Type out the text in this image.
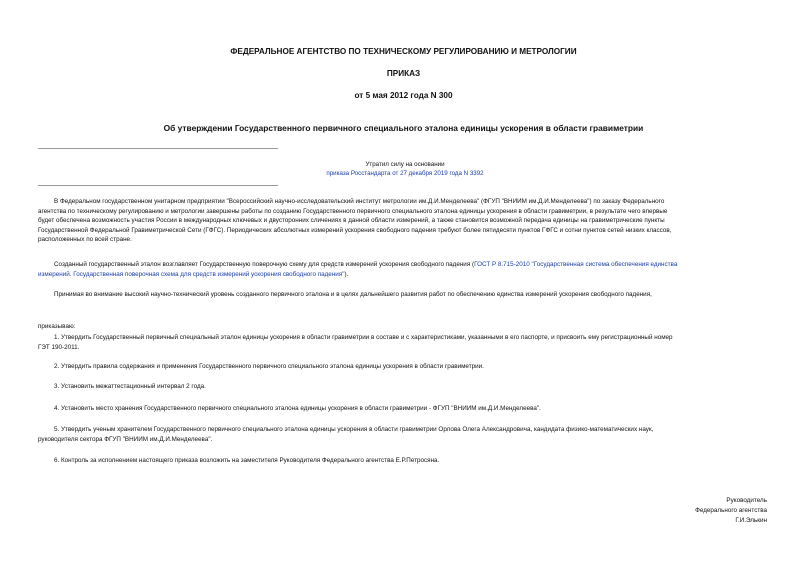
ФЕДЕРАЛЬНОЕ АГЕНТСТВО ПО ТЕХНИЧЕСКОМУ РЕГУЛИРОВАНИЮ И МЕТРОЛОГИИ
ПРИКАЗ
от 5 мая 2012 года N 300
Об утверждении Государственного первичного специального эталона единицы ускорения в области гравиметрии
Утратил силу на основании
приказа Росстандарта от 27 декабря 2019 года N 3392
В Федеральном государственном унитарном предприятии "Всероссийский научно-исследовательский институт метрологии им.Д.И.Менделеева" (ФГУП "ВНИИМ им.Д.И.Менделеева") по заказу Федерального
агентства по техническому регулированию и метрологии завершены работы по созданию Государственного первичного специального эталона единицы ускорения в области гравиметрии, в результате чего впервые
будет обеспечена возможность участия России в международных ключевых и двусторонних сличениях в данной области измерений, а также становится возможной передача единицы на гравиметрические пункты
Государственной Федеральной Гравиметрической Сети (ГФГС). Периодических абсолютных измерений ускорения свободного падения требуют более пятидесяти пунктов ГФГС и сотни пунктов сетей низких классов,
расположенных по всей стране.
Созданный государственный эталон возглавляет Государственную поверочную схему для средств измерений ускорения свободного падения (ГОСТ Р 8.715-2010 "Государственная система обеспечения единства
измерений. Государственная поверочная схема для средств измерений ускорения свободного падения").
Принимая во внимание высокий научно-технический уровень созданного первичного эталона и в целях дальнейшего развития работ по обеспечению единства измерений ускорения свободного падения,
приказываю:
1. Утвердить Государственный первичный специальный эталон единицы ускорения в области гравиметрии в составе и с характеристиками, указанными в его паспорте, и присвоить ему регистрационный номер
ГЭТ 190-2011.
2. Утвердить правила содержания и применения Государственного первичного специального эталона единицы ускорения в области гравиметрии.
3. Установить межаттестационный интервал 2 года.
4. Установить место хранения Государственного первичного специального эталона единицы ускорения в области гравиметрии - ФГУП "ВНИИМ им.Д.И.Менделеева".
5. Утвердить ученым хранителем Государственного первичного специального эталона единицы ускорения в области гравиметрии Орлова Олега Александровича, кандидата физико-математических наук,
руководителя сектора ФГУП "ВНИИМ им.Д.И.Менделеева".
6. Контроль за исполнением настоящего приказа возложить на заместителя Руководителя Федерального агентства Е.Р.Петросяна.
Руководитель
Федерального агентства
Г.И.Элькин
